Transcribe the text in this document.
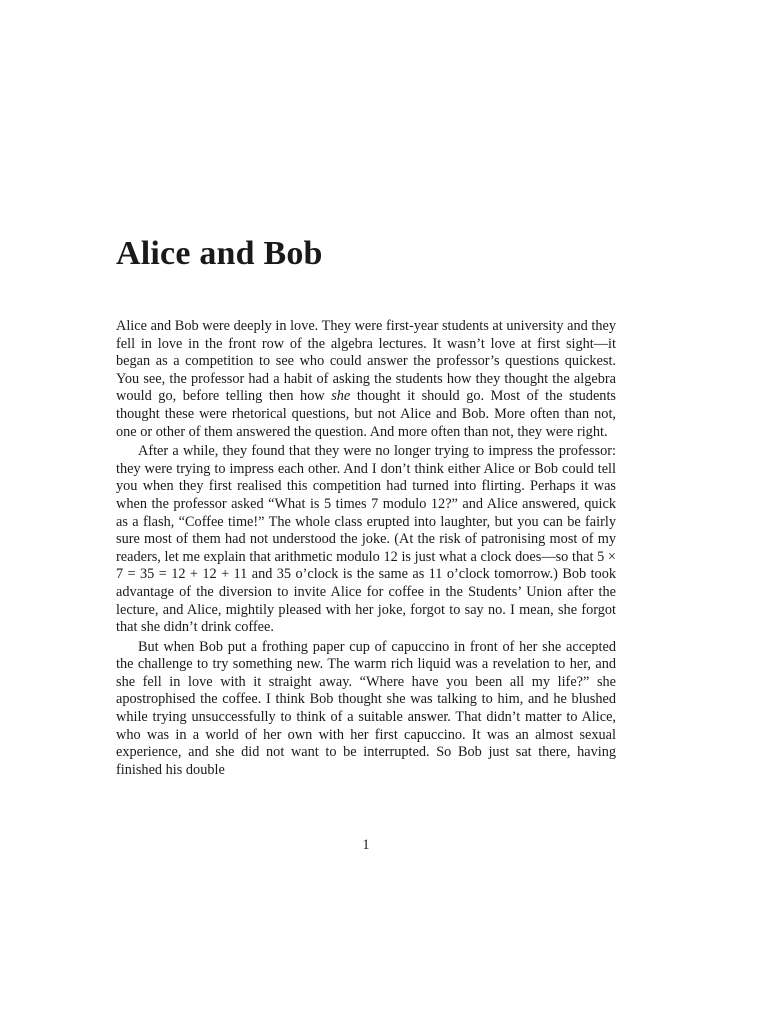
Alice and Bob

Alice and Bob were deeply in love. They were first-year students at university and they fell in love in the front row of the algebra lectures. It wasn’t love at first sight—it began as a competition to see who could answer the professor’s questions quickest. You see, the professor had a habit of asking the students how they thought the algebra would go, before telling then how she thought it should go. Most of the students thought these were rhetorical questions, but not Alice and Bob. More often than not, one or other of them answered the question. And more often than not, they were right.

After a while, they found that they were no longer trying to impress the professor: they were trying to impress each other. And I don’t think either Alice or Bob could tell you when they first realised this competition had turned into flirting. Perhaps it was when the professor asked “What is 5 times 7 modulo 12?” and Alice answered, quick as a flash, “Coffee time!” The whole class erupted into laughter, but you can be fairly sure most of them had not understood the joke. (At the risk of patronising most of my readers, let me explain that arithmetic modulo 12 is just what a clock does—so that 5 × 7 = 35 = 12 + 12 + 11 and 35 o’clock is the same as 11 o’clock tomorrow.) Bob took advantage of the diversion to invite Alice for coffee in the Students’ Union after the lecture, and Alice, mightily pleased with her joke, forgot to say no. I mean, she forgot that she didn’t drink coffee.

But when Bob put a frothing paper cup of capuccino in front of her she accepted the challenge to try something new. The warm rich liquid was a revelation to her, and she fell in love with it straight away. “Where have you been all my life?” she apostrophised the coffee. I think Bob thought she was talking to him, and he blushed while trying unsuccessfully to think of a suitable answer. That didn’t matter to Alice, who was in a world of her own with her first capuccino. It was an almost sexual experience, and she did not want to be interrupted. So Bob just sat there, having finished his double

1
